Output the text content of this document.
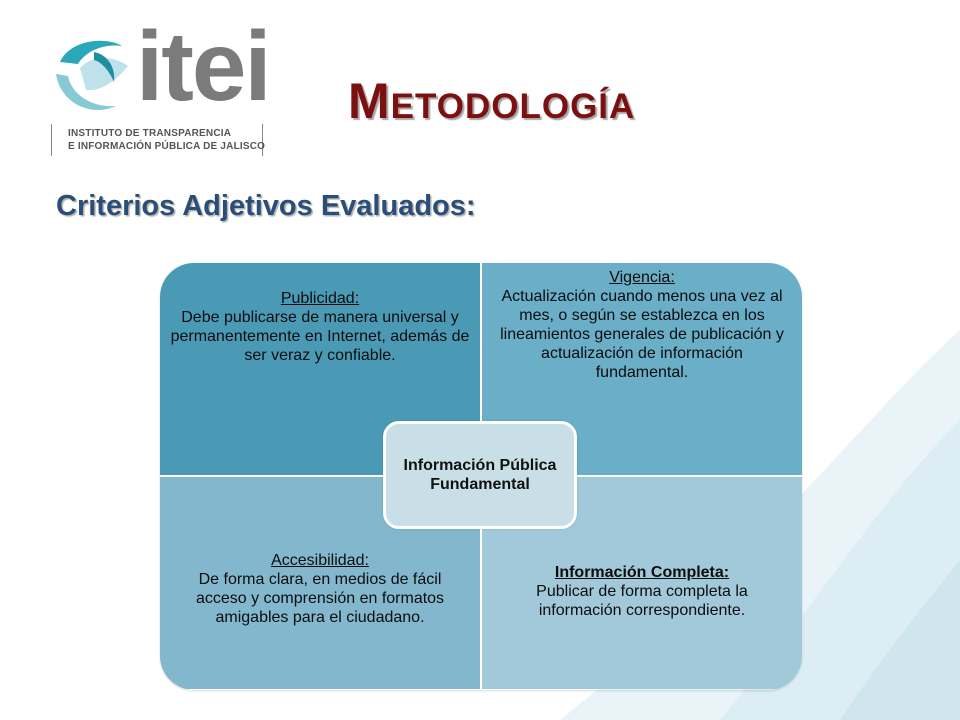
itei
INSTITUTO DE TRANSPARENCIA
E INFORMACIÓN PÚBLICA DE JALISCO
Metodología
Criterios Adjetivos Evaluados:
Publicidad:
Debe publicarse de manera universal y permanentemente en Internet, además de ser veraz y confiable.
Vigencia:
Actualización cuando menos una vez al mes, o según se establezca en los lineamientos generales de publicación y actualización de información fundamental.
Accesibilidad:
De forma clara, en medios de fácil acceso y comprensión en formatos amigables para el ciudadano.
Información Completa:
Publicar de forma completa la información correspondiente.
Información Pública Fundamental
